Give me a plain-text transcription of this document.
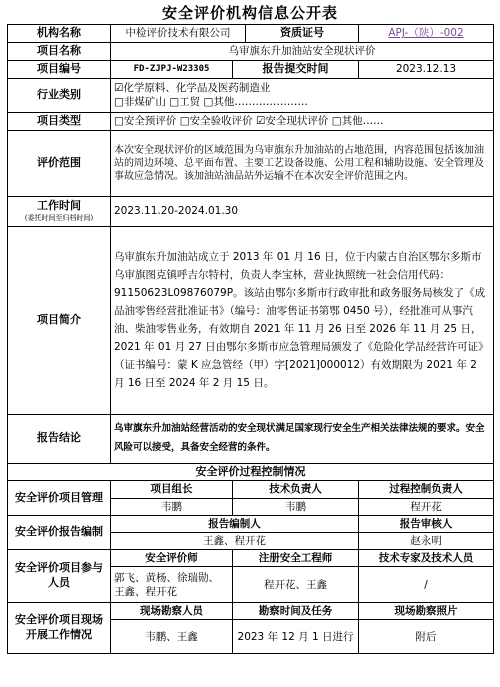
安全评价机构信息公开表
机构名称	中检评价技术有限公司		资质证号	APJ-（陕）-002
项目名称	乌审旗东升加油站安全现状评价			
项目编号	FD-ZJPJ-W23305	报告提交时间		2023.12.13
行业类别	☑化学原料、化学品及医药制造业
□非煤矿山 □工贸 □其他…………………			

项目类型	□安全预评价 □安全验收评价 ☑安全现状评价 □其他……			
评价范围	本次安全现状评价的区域范围为乌审旗东升加油站的占地范围，内容范围包括该加油站的周边环境、总平面布置、主要工艺设备设施、公用工程和辅助设施、安全管理及事故应急情况。该加油站油品站外运输不在本次安全评价范围之内。			
工作时间
(委托时间至归档时间)	2023.11.20-2024.01.30			
项目简介	乌审旗东升加油站成立于 2013 年 01 月 16 日，位于内蒙古自治区鄂尔多斯市乌审旗图克镇呼吉尔特村，负责人李宝林，营业执照统一社会信用代码：91150623L09876079P。该站由鄂尔多斯市行政审批和政务服务局核发了《成品油零售经营批准证书》（编号：油零售证书第鄂 0450 号），经批准可从事汽油、柴油零售业务，有效期自 2021 年 11 月 26 日至 2026 年 11 月 25 日，2021 年 01 月 27 日由鄂尔多斯市应急管理局颁发了《危险化学品经营许可证》（证书编号：蒙 K 应急管经（甲）字[2021]000012）有效期限为 2021 年 2 月 16 日至 2024 年 2 月 15 日。			
报告结论	乌审旗东升加油站经营活动的安全现状满足国家现行安全生产相关法律法规的要求。安全风险可以接受，具备安全经营的条件。			
安全评价过程控制情况				
安全评价项目管理	项目组长	技术负责人		过程控制负责人
	韦鹏	韦鹏		程开花
安全评价报告编制	报告编制人			报告审核人
	王鑫、程开花			赵永明
安全评价项目参与人员	安全评价师	注册安全工程师		技术专家及技术人员
	郭飞、黄杨、徐瑞勋、王鑫、程开花	程开花、王鑫		/
安全评价项目现场开展工作情况	现场勘察人员	勘察时间及任务		现场勘察照片
	韦鹏、王鑫	2023 年 12 月 1 日进行		附后
